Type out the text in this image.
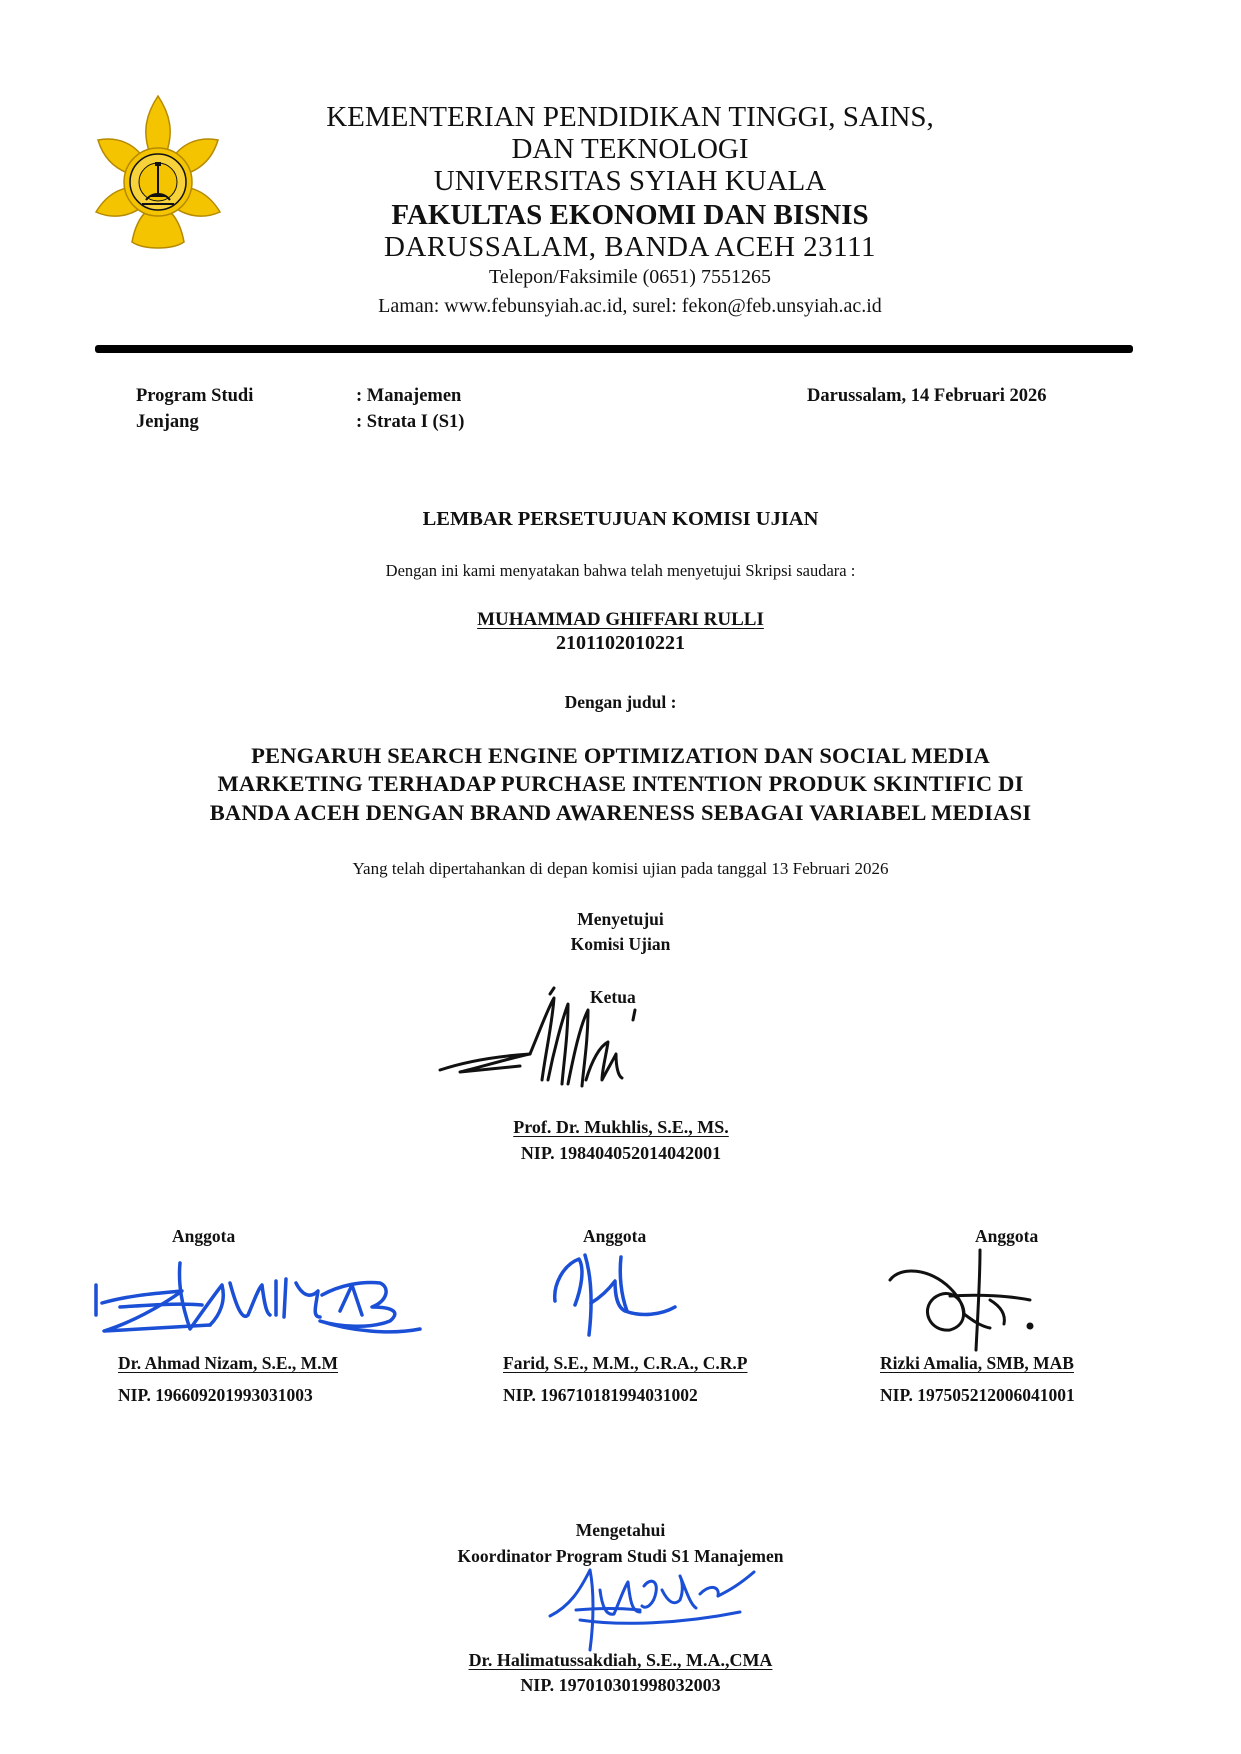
KEMENTERIAN PENDIDIKAN TINGGI, SAINS,
DAN TEKNOLOGI
UNIVERSITAS SYIAH KUALA
FAKULTAS EKONOMI DAN BISNIS
DARUSSALAM, BANDA ACEH 23111
Telepon/Faksimile (0651) 7551265
Laman: www.febunsyiah.ac.id, surel: fekon@feb.unsyiah.ac.id
Program Studi	: Manajemen
Jenjang	: Strata I (S1)
Darussalam, 14 Februari 2026
LEMBAR PERSETUJUAN KOMISI UJIAN
Dengan ini kami menyatakan bahwa telah menyetujui Skripsi saudara :
MUHAMMAD GHIFFARI RULLI
2101102010221
Dengan judul :
PENGARUH SEARCH ENGINE OPTIMIZATION DAN SOCIAL MEDIA
MARKETING TERHADAP PURCHASE INTENTION PRODUK SKINTIFIC DI
BANDA ACEH DENGAN BRAND AWARENESS SEBAGAI VARIABEL MEDIASI
Yang telah dipertahankan di depan komisi ujian pada tanggal 13 Februari 2026
Menyetujui
Komisi Ujian
Ketua
Prof. Dr. Mukhlis, S.E., MS.
NIP. 198404052014042001
Anggota	Anggota	Anggota
Dr. Ahmad Nizam, S.E., M.M	Farid, S.E., M.M., C.R.A., C.R.P	Rizki Amalia, SMB, MAB
NIP. 196609201993031003	NIP. 196710181994031002	NIP. 197505212006041001
Mengetahui
Koordinator Program Studi S1 Manajemen
Dr. Halimatussakdiah, S.E., M.A.,CMA
NIP. 197010301998032003
